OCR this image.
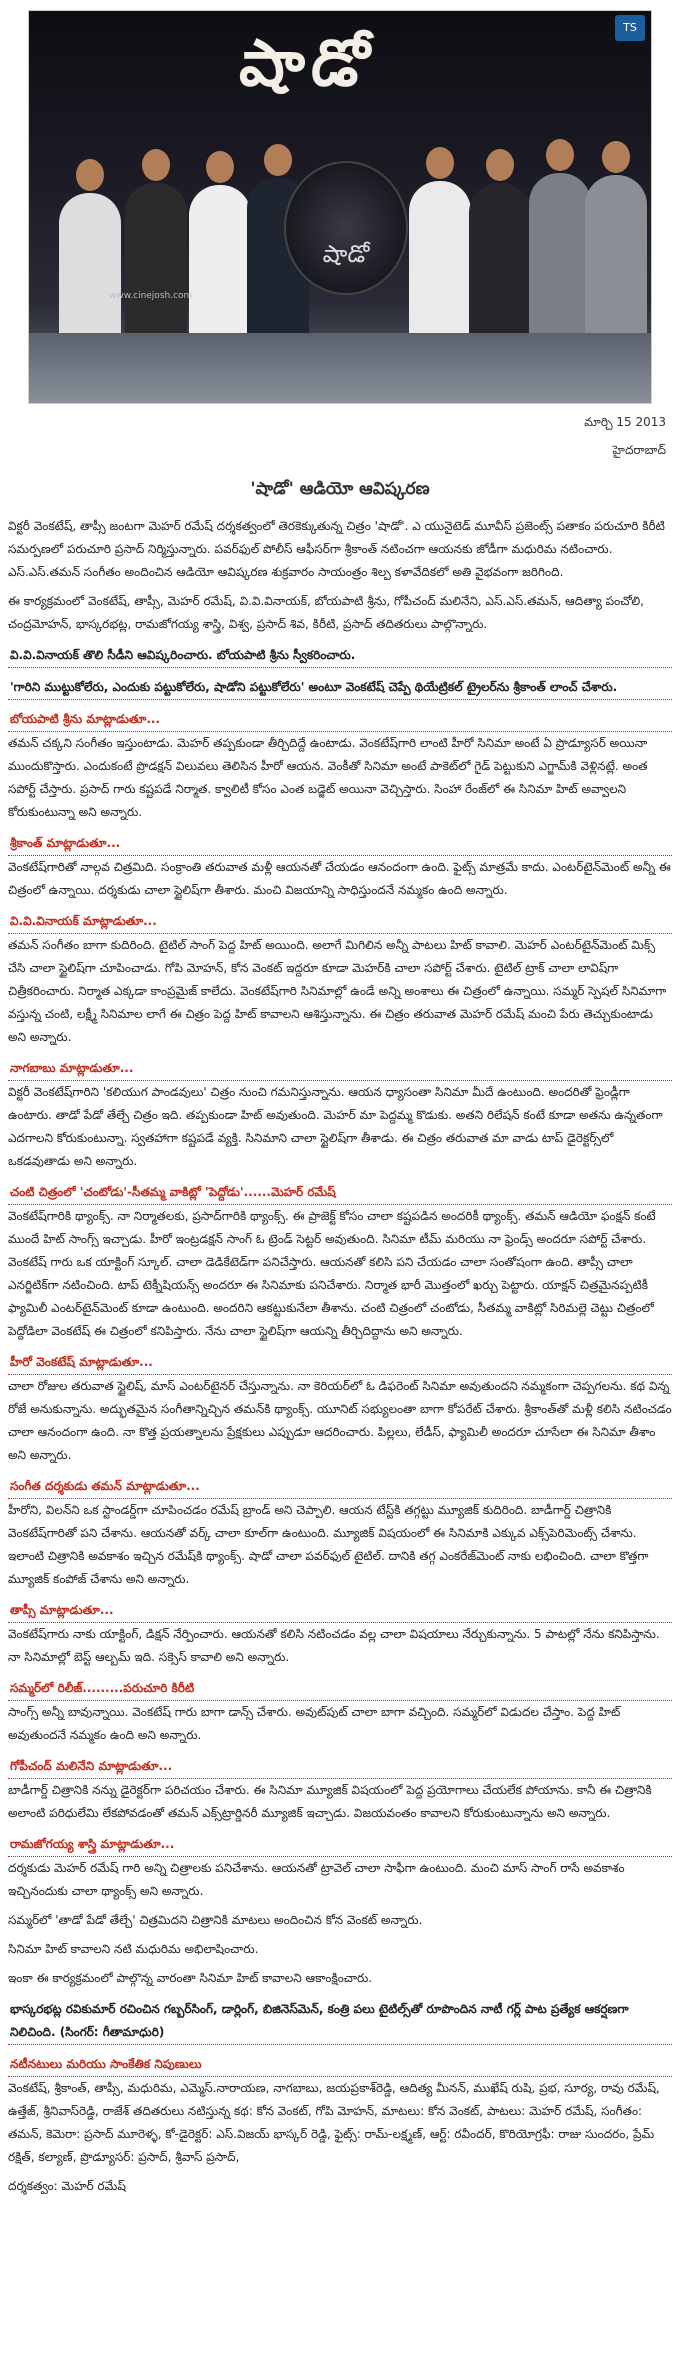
షాడో	TS
షాడో
www.cinejosh.com
మార్చి 15 2013
హైదరాబాద్
'షాడో' ఆడియో ఆవిష్కరణ
విక్టరీ వెంకటేష్, తాప్సీ జంటగా మెహర్ రమేష్ దర్శకత్వంలో తెరకెక్కుతున్న చిత్రం 'షాడో'. ఎ యునైటెడ్ మూవీస్ ప్రజెంట్స్ పతాకం పరుచూరి కిరీటి సమర్పణలో పరుచూరి ప్రసాద్ నిర్మిస్తున్నారు. పవర్‌ఫుల్ పోలీస్ ఆఫీసర్‌గా శ్రీకాంత్ నటించగా ఆయనకు జోడీగా మధురిమ నటించారు. ఎస్.ఎస్.తమన్ సంగీతం అందించిన ఆడియో ఆవిష్కరణ శుక్రవారం సాయంత్రం శిల్ప కళావేదికలో అతి వైభవంగా జరిగింది.
ఈ కార్యక్రమంలో వెంకటేష్, తాప్సీ, మెహర్ రమేష్, వి.వి.వినాయక్, బోయపాటి శ్రీను, గోపీచంద్ మలినేని, ఎస్.ఎస్.తమన్, ఆదిత్యా పంచోలి, చంద్రమోహన్, భాస్కరభట్ల, రామజోగయ్య శాస్త్రి, విశ్వ, ప్రసాద్ శివ, కిరీటి, ప్రసాద్ తదితరులు పాల్గొన్నారు.
వి.వి.వినాయక్ తొలి సీడీని ఆవిష్కరించారు. బోయపాటి శ్రీను స్వీకరించారు.
'గారిని ముట్టుకోలేరు, ఎందుకు పట్టుకోలేరు, షాడోని పట్టుకోలేరు' అంటూ వెంకటేష్ చెప్పే థియేట్రికల్ ట్రైలర్‌ను శ్రీకాంత్ లాంచ్ చేశారు.
బోయపాటి శ్రీను మాట్లాడుతూ...
తమన్ చక్కని సంగీతం ఇస్తుంటాడు. మెహర్ తప్పకుండా తీర్చిదిద్దే ఉంటాడు. వెంకటేష్‌గారి లాంటి హీరో సినిమా అంటే ఏ ప్రొడ్యూసర్ అయినా ముందుకొస్తారు. ఎందుకంటే ప్రొడక్షన్ విలువలు తెలిసిన హీరో ఆయన. వెంకీతో సినిమా అంటే పాకెట్‌లో గైడ్ పెట్టుకుని ఎగ్జామ్‌కి వెళ్లినట్లే. అంత సపోర్ట్ చేస్తారు. ప్రసాద్ గారు కష్టపడే నిర్మాత. క్వాలిటీ కోసం ఎంత బడ్జెట్ అయినా వెచ్చిస్తారు. సింహా రేంజ్‌లో ఈ సినిమా హిట్ అవ్వాలని కోరుకుంటున్నా అని అన్నారు.
శ్రీకాంత్ మాట్లాడుతూ...
వెంకటేష్‌గారితో నాల్గవ చిత్రమిది. సంక్రాంతి తరువాత మళ్లీ ఆయనతో చేయడం ఆనందంగా ఉంది. ఫైట్స్ మాత్రమే కాదు. ఎంటర్‌టైన్‌మెంట్ అన్నీ ఈ చిత్రంలో ఉన్నాయి. దర్శకుడు చాలా స్టైలిష్‌గా తీశారు. మంచి విజయాన్ని సాధిస్తుందనే నమ్మకం ఉంది అన్నారు.
వి.వి.వినాయక్ మాట్లాడుతూ...
తమన్ సంగీతం బాగా కుదిరింది. టైటిల్ సాంగ్ పెద్ద హిట్ అయింది. అలాగే మిగిలిన అన్నీ పాటలు హిట్ కావాలి. మెహర్ ఎంటర్‌టైన్‌మెంట్ మిక్స్ చేసి చాలా స్టైలిష్‌గా చూపించాడు. గోపి మోహన్, కోన వెంకట్ ఇద్దరూ కూడా మెహర్‌కి చాలా సపోర్ట్ చేశారు. టైటిల్ ట్రాక్ చాలా లావిష్‌గా చిత్రీకరించారు. నిర్మాత ఎక్కడా కాంప్రమైజ్ కాలేదు. వెంకటేష్‌గారి సినిమాల్లో ఉండే అన్ని అంశాలు ఈ చిత్రంలో ఉన్నాయి. సమ్మర్ స్పెషల్ సినిమాగా వస్తున్న చంటి, లక్ష్మీ సినిమాల లాగే ఈ చిత్రం పెద్ద హిట్ కావాలని ఆశిస్తున్నాను. ఈ చిత్రం తరువాత మెహర్ రమేష్ మంచి పేరు తెచ్చుకుంటాడు అని అన్నారు.
నాగబాబు మాట్లాడుతూ...
విక్టరీ వెంకటేష్‌గారిని 'కలియుగ పాండవులు' చిత్రం నుంచి గమనిస్తున్నాను. ఆయన ధ్యాసంతా సినిమా మీదే ఉంటుంది. అందరితో ఫ్రెండ్లీగా ఉంటారు. తాడో పేడో తేల్చే చిత్రం ఇది. తప్పకుండా హిట్ అవుతుంది. మెహర్ మా పెద్దమ్మ కొడుకు. అతని రిలేషన్ కంటే కూడా అతను ఉన్నతంగా ఎదగాలని కోరుకుంటున్నా. స్వతహాగా కష్టపడే వ్యక్తి. సినిమాని చాలా స్టైలిష్‌గా తీశాడు. ఈ చిత్రం తరువాత మా వాడు టాప్ డైరెక్టర్స్‌లో ఒకడవుతాడు అని అన్నారు.
చంటి చిత్రంలో 'చంటోడు'-సీతమ్మ వాకిట్లో 'పెద్దోడు'......మెహర్ రమేష్
వెంకటేష్‌గారికి థ్యాంక్స్. నా నిర్మాతలకు, ప్రసాద్‌గారికి థ్యాంక్స్. ఈ ప్రాజెక్ట్ కోసం చాలా కష్టపడిన అందరికీ థ్యాంక్స్. తమన్ ఆడియో ఫంక్షన్ కంటే ముందే హిట్ సాంగ్స్ ఇచ్చాడు. హీరో ఇంట్రడక్షన్ సాంగ్ ఓ ట్రెండ్ సెట్టర్ అవుతుంది. సినిమా టీమ్ మరియు నా ఫ్రెండ్స్ అందరూ సపోర్ట్ చేశారు. వెంకటేష్ గారు ఒక యాక్టింగ్ స్కూల్. చాలా డెడికేటెడ్‌గా పనిచేస్తారు. ఆయనతో కలిసి పని చేయడం చాలా సంతోషంగా ఉంది. తాప్సీ చాలా ఎనర్జిటిక్‌గా నటించింది. టాప్ టెక్నీషియన్స్ అందరూ ఈ సినిమాకు పనిచేశారు. నిర్మాత భారీ మొత్తంలో ఖర్చు పెట్టారు. యాక్షన్ చిత్రమైనప్పటికీ ఫ్యామిలీ ఎంటర్‌టైన్‌మెంట్ కూడా ఉంటుంది. అందరిని ఆకట్టుకునేలా తీశాను. చంటి చిత్రంలో చంటోడు, సీతమ్మ వాకిట్లో సిరిమల్లె చెట్టు చిత్రంలో పెద్దోడిలా వెంకటేష్ ఈ చిత్రంలో కనిపిస్తారు. నేను చాలా స్టైలిష్‌గా ఆయన్ని తీర్చిదిద్దాను అని అన్నారు.
హీరో వెంకటేష్ మాట్లాడుతూ...
చాలా రోజుల తరువాత స్టైలిష్, మాస్ ఎంటర్‌టైనర్ చేస్తున్నాను. నా కెరియర్‌లో ఓ డిఫరెంట్ సినిమా అవుతుందని నమ్మకంగా చెప్పగలను. కథ విన్న రోజే అనుకున్నాను. అద్భుతమైన సంగీతాన్నిచ్చిన తమన్‌కి థ్యాంక్స్. యూనిట్ సభ్యులంతా బాగా కోపరేట్ చేశారు. శ్రీకాంత్‌తో మళ్లీ కలిసి నటించడం చాలా ఆనందంగా ఉంది. నా కొత్త ప్రయత్నాలను ప్రేక్షకులు ఎప్పుడూ ఆదరించారు. పిల్లలు, లేడీస్, ఫ్యామిలీ అందరూ చూసేలా ఈ సినిమా తీశాం అని అన్నారు.
సంగీత దర్శకుడు తమన్ మాట్లాడుతూ...
హీరోని, విలన్‌ని ఒక స్టాండర్డ్‌గా చూపించడం రమేష్ బ్రాండ్ అని చెప్పాలి. ఆయన టేస్ట్‌కి తగ్గట్టు మ్యూజిక్ కుదిరింది. బాడీగార్డ్ చిత్రానికి వెంకటేష్‌గారితో పని చేశాను. ఆయనతో వర్క్ చాలా కూల్‌గా ఉంటుంది. మ్యూజిక్ విషయంలో ఈ సినిమాకి ఎక్కువ ఎక్స్‌పెరిమెంట్స్ చేశాను. ఇలాంటి చిత్రానికి అవకాశం ఇచ్చిన రమేష్‌కి థ్యాంక్స్. షాడో చాలా పవర్‌ఫుల్ టైటిల్. దానికి తగ్గ ఎంకరేజ్‌మెంట్ నాకు లభించింది. చాలా కొత్తగా మ్యూజిక్ కంపోజ్ చేశాను అని అన్నారు.
తాప్సీ మాట్లాడుతూ...
వెంకటేష్‌గారు నాకు యాక్టింగ్, డిక్షన్ నేర్పించారు. ఆయనతో కలిసి నటించడం వల్ల చాలా విషయాలు నేర్చుకున్నాను. 5 పాటల్లో నేను కనిపిస్తాను. నా సినిమాల్లో బెస్ట్ ఆల్బమ్ ఇది. సక్సెస్ కావాలి అని అన్నారు.
సమ్మర్‌లో రిలీజ్.........పరుచూరి కిరీటి
సాంగ్స్ అన్నీ బావున్నాయి. వెంకటేష్ గారు బాగా డాన్స్ చేశారు. అవుట్‌పుట్ చాలా బాగా వచ్చింది. సమ్మర్‌లో విడుదల చేస్తాం. పెద్ద హిట్ అవుతుందనే నమ్మకం ఉంది అని అన్నారు.
గోపీచంద్ మలినేని మాట్లాడుతూ...
బాడీగార్డ్ చిత్రానికి నన్ను డైరెక్టర్‌గా పరిచయం చేశారు. ఈ సినిమా మ్యూజిక్ విషయంలో పెద్ద ప్రయోగాలు చేయలేక పోయాను. కానీ ఈ చిత్రానికి అలాంటి పరిధులేమి లేకపోవడంతో తమన్ ఎక్స్‌ట్రార్డినరీ మ్యూజిక్ ఇచ్చాడు. విజయవంతం కావాలని కోరుకుంటున్నాను అని అన్నారు.
రామజోగయ్య శాస్త్రి మాట్లాడుతూ...
దర్శకుడు మెహర్ రమేష్ గారి అన్ని చిత్రాలకు పనిచేశాను. ఆయనతో ట్రావెల్ చాలా సాఫీగా ఉంటుంది. మంచి మాస్ సాంగ్ రాసే అవకాశం ఇచ్చినందుకు చాలా థ్యాంక్స్ అని అన్నారు.
సమ్మర్‌లో 'తాడో పేడో తేల్చే' చిత్రమిదని చిత్రానికి మాటలు అందించిన కోన వెంకట్ అన్నారు.
సినిమా హిట్ కావాలని నటి మధురిమ అభిలాషించారు.
ఇంకా ఈ కార్యక్రమంలో పాల్గొన్న వారంతా సినిమా హిట్ కావాలని ఆకాంక్షించారు.
భాస్కరభట్ల రవికుమార్ రచించిన గబ్బర్‌సింగ్, డార్లింగ్, బిజినెస్‌మెన్, కంత్రి పలు టైటిల్స్‌తో రూపొందిన నాటీ గర్ల్ పాట ప్రత్యేక ఆకర్షణగా నిలిచింది. (సింగర్: గీతామాధురి)
నటీనటులు మరియు సాంకేతిక నిపుణులు
వెంకటేష్, శ్రీకాంత్, తాప్సీ, మధురిమ, ఎమ్మెస్.నారాయణ, నాగబాబు, జయప్రకాశ్‌రెడ్డి, ఆదిత్య మీనన్, ముఖేష్ రుషి, ప్రభ, సూర్య, రావు రమేష్, ఉత్తేజ్, శ్రీనివాస్‌రెడ్డి, రాజేశ్ తదితరులు నటిస్తున్న కథ: కోన వెంకట్, గోపి మోహన్, మాటలు: కోన వెంకట్, పాటలు: మెహర్ రమేష్, సంగీతం: తమన్, కెమెరా: ప్రసాద్ మూరెళ్ళ, కో-డైరెక్టర్: ఎస్.విజయ్ భాస్కర్ రెడ్డి, ఫైట్స్: రామ్-లక్ష్మణ్, ఆర్ట్: రవీందర్, కొరియోగ్రఫీ: రాజు సుందరం, ప్రేమ్ రక్షిత్, కల్యాణ్, ప్రొడ్యూసర్: ప్రసాద్, శ్రీవాస్ ప్రసాద్,
దర్శకత్వం: మెహర్ రమేష్
